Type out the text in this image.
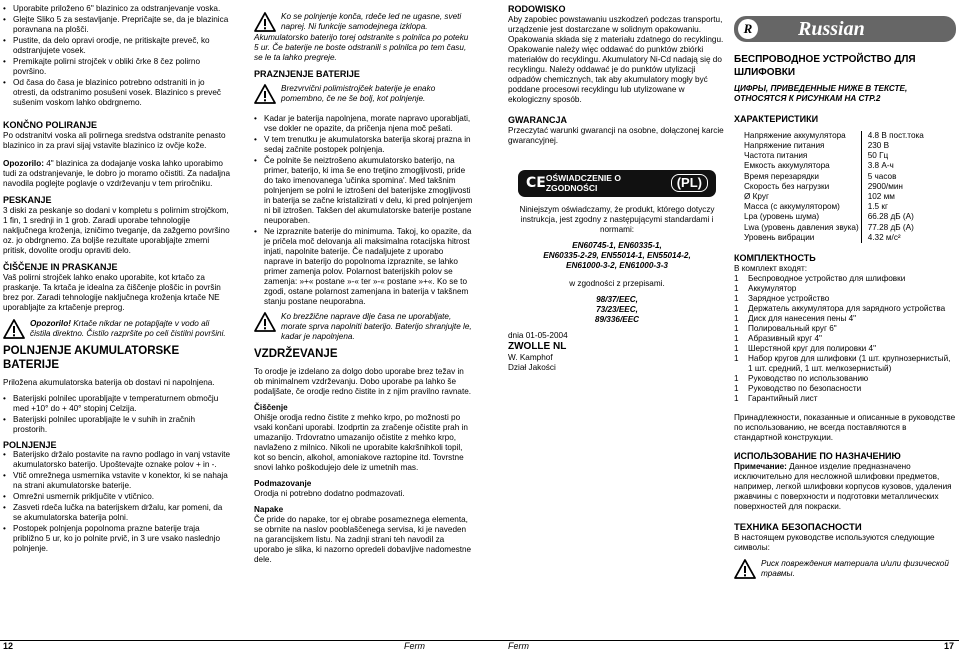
• Uporabite priloženo 6" blazinico za odstranjevanje voska.
• Glejte Sliko 5 za sestavljanje. Prepričajte se, da je blazinica poravnana na plošči.
• Pustite, da delo opravi orodje, ne pritiskajte preveč, ko odstranjujete vosek.
• Premikajte polirni strojček v obliki črke 8 čez polirno površino.
• Od časa do časa je blazinico potrebno odstraniti in jo otresti, da odstranimo posušeni vosek. Blazinico s preveč sušenim voskom lahko obdrgnemo.
KONČNO POLIRANJE

Po odstranitvi voska ali polirnega sredstva odstranite penasto blazinico in za pravi sijaj vstavite blazinico iz ovčje kože.

Opozorilo: 4" blazinica za dodajanje voska lahko uporabimo tudi za odstranjevanje, le dobro jo moramo očistiti. Za nadaljna navodila poglejte poglavje o vzdrževanju v tem priročniku.

PESKANJE

3 diski za peskanje so dodani v kompletu s polirnim strojčkom, 1 fin, 1 srednji in 1 grob. Zaradi uporabe tehnologije naključnega kroženja, izničimo tveganje, da zažgemo površino oz. jo obdrgnemo. Za boljše rezultate uporabljajte zmerni pritisk, dovolite orodju opraviti delo.

ČIŠČENJE IN PRASKANJE

Vaš polirni strojček lahko enako uporabite, kot krtačo za praskanje. Ta krtača je idealna za čiščenje ploščic in površin brez por. Zaradi tehnologije naključnega kroženja krtače NE uporabljajte za krtačenje preprog.

Opozorilo! Krtače nikdar ne potapljajte v vodo ali čistila direktno. Čistilo razpršite po celi čistilni površini.
POLNJENJE AKUMULATORSKE BATERIJE

Priložena akumulatorska baterija ob dostavi ni napolnjena.

• Baterijski polnilec uporabljajte v temperaturnem območju med +10° do + 40° stopinj Celzija.
• Baterijski polnilec uporabljajte le v suhih in zračnih prostorih.
POLNJENJE
• Baterijsko držalo postavite na ravno podlago in vanj vstavite akumulatorsko baterijo. Upoštevajte oznake polov + in -.
• Vtič omrežnega usmernika vstavite v konektor, ki se nahaja na strani akumulatorske baterije.
• Omrežni usmernik priključite v vtičnico.
• Zasveti rdeča lučka na baterijskem držalu, kar pomeni, da se akumulatorska baterija polni.
• Postopek polnjenja popolnoma prazne baterije traja približno 5 ur, ko jo polnite prvič, in 3 ure vsako naslednjo polnjenje.
Ko se polnjenje konča, rdeče led ne ugasne, sveti naprej. Ni funkcije samodejnega izklopa.

Akumulatorsko baterijo torej odstranite s polnilca po poteku 5 ur. Če baterije ne boste odstranili s polnilca po tem času, se le ta lahko pregreje.

PRAZNJENJE BATERIJE
Brezvrvični polimistrojček baterije je enako pomembno, če ne še bolj, kot polnjenje.
• Kadar je baterija napolnjena, morate napravo uporabljati, vse dokler ne opazite, da pričenja njena moč pešati.
• V tem trenutku je akumulatorska baterija skoraj prazna in sedaj začnite postopek polnjenja.
• Če polnite še neiztrošeno akumulatorsko baterijo, na primer, baterijo, ki ima še eno tretjino zmogljivosti, pride do tako imenovanega 'učinka spomina'. Med takšnim polnjenjem se polni le iztrošeni del baterijske zmogljivosti in baterija se začne kristalizirati v delu, ki pred polnjenjem ni bil iztrošen. Takšen del akumulatorske baterije postane neuporaben.
• Ne izpraznite baterije do minimuma. Takoj, ko opazite, da je pričela moč delovanja ali maksimalna rotacijska hitrost injati, napolnite baterije. Če nadaljujete z uporabo naprave in baterijo do popolnoma izpraznite, se lahko primer zamenja polov. Polarnost baterijskih polov se zamenja: »+« postane »-« ter »-« postane »+«. Ko se to zgodi, ostane polarnost zamenjana in baterija v takšnem stanju postane neuporabna.
Ko brezžične naprave dlje časa ne uporabljate, morate sprva napolniti baterijo. Baterijo shranjujte le, kadar je napolnjena.
VZDRŽEVANJE

To orodje je izdelano za dolgo dobo uporabe brez težav in ob minimalnem vzdrževanju. Dobo uporabe pa lahko še podaljšate, če orodje redno čistite in z njim pravilno ravnate.

Čiščenje

Ohišje orodja redno čistite z mehko krpo, po možnosti po vsaki končani uporabi. Izodprtin za zračenje očistite prah in umazanijo. Trdovratno umazanijo očistite z mehko krpo, navlaženo z milnico. Nikoli ne uporabite kakršnihkoli topil, kot so bencin, alkohol, amoniakove raztopine itd. Tovrstne snovi lahko poškodujejo dele iz umetnih mas.

Podmazovanje

Orodja ni potrebno dodatno podmazovati.

Napake

Če pride do napake, tor ej obrabe posameznega elementa, se obrnite na naslov pooblaščenega servisa, ki je naveden na garancijskem listu. Na zadnji strani teh navodil za uporabo je slika, ki nazorno opredeli dobavljive nadomestne dele.

RODOWISKO

Aby zapobiec powstawaniu uszkodzeń podczas transportu, urządzenie jest dostarczane w solidnym opakowaniu. Opakowania składa się z materiału zdatnego do recyklingu. Opakowanie należy więc oddawać do punktów zbiórki materiałów do recyklingu. Akumulatory Ni-Cd nadają się do recyklingu. Należy oddawać je do punktów utylizacji odpadów chemicznych, tak aby akumulatory mogły być poddane procesowi recyklingu lub utylizowane w ekologiczny sposób.

GWARANCJA

Przeczytać warunki gwarancji na osobne, dołączonej karcie gwarancyjnej.

CE OŚWIADCZENIE O ZGODNOŚCI	(PL)

Niniejszym oświadczamy, że produkt, którego dotyczy instrukcja, jest zgodny z następującymi standardami i normami:

EN60745-1, EN60335-1,
EN60335-2-29, EN55014-1, EN55014-2,
EN61000-3-2, EN61000-3-3

w zgodności z przepisami.

98/37/EEC,
73/23/EEC,
89/336/EEC
dnia 01-05-2004
ZWOLLE NL
W. Kamphof
Dział Jakości
R Russian
БЕСПРОВОДНОЕ УСТРОЙСТВО ДЛЯ ШЛИФОВКИ
ЦИФРЫ, ПРИВЕДЕННЫЕ НИЖЕ В ТЕКСТЕ, ОТНОСЯТСЯ К РИСУНКАМ НА СТР.2
ХАРАКТЕРИСТИКИ
Напряжение аккумулятора	4.8 В пост.тока
Напряжение питания	230 В
Частота питания	50 Гц
Емкость аккумулятора	3.8 А-ч
Время перезарядки	5 часов
Скорость без нагрузки	2900/мин
Ø Круг	102 мм
Масса (с аккумулятором)	1.5 кг
Lpa (уровень шума)	66.28 дБ (A)
Lwa (уровень давления звука)	77.28 дБ (A)
Уровень вибрации	4.32 м/с²
КОМПЛЕКТНОСТЬ
В комплект входят:
1	Беспроводное устройство для шлифовки
1	Аккумулятор
1	Зарядное устройство
1	Держатель аккумулятора для зарядного устройства
1	Диск для нанесения пены 4"
1	Полировальный круг 6"
1	Абразивный круг 4"
1	Шерстяной круг для полировки 4"
1	Набор кругов для шлифовки (1 шт. крупнозернистый, 1 шт. средний, 1 шт. мелкозернистый)
1	Руководство по использованию
1	Руководство по безопасности
1	Гарантийный лист

Принадлежности, показанные и описанные в руководстве по использованию, не всегда поставляются в стандартной конструкции.

ИСПОЛЬЗОВАНИЕ ПО НАЗНАЧЕНИЮ

Примечание: Данное изделие предназначено исключительно для несложной шлифовки предметов, например, легкой шлифовки корпусов кузовов, удаления ржавчины с поверхности и подготовки металлических поверхностей для покраски.

ТЕХНИКА БЕЗОПАСНОСТИ

В настоящем руководстве используются следующие символы:

Риск повреждения материала и/или физической травмы.
12	Ferm	Ferm	17
